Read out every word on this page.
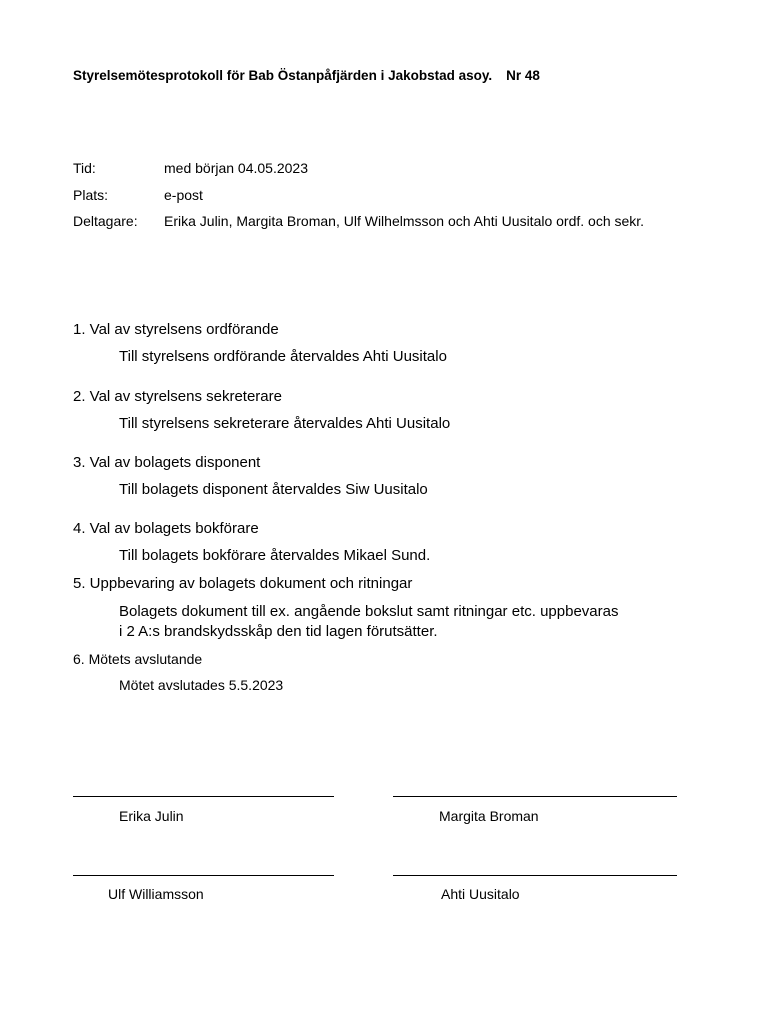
Styrelsemötesprotokoll för Bab Östanpåfjärden i Jakobstad asoy. Nr 48
Tid:	med början 04.05.2023
Plats:	e-post
Deltagare: Erika Julin, Margita Broman, Ulf Wilhelmsson och Ahti Uusitalo ordf. och sekr.
1. Val av styrelsens ordförande
Till styrelsens ordförande återvaldes Ahti Uusitalo
2. Val av styrelsens sekreterare
Till styrelsens sekreterare återvaldes Ahti Uusitalo
3. Val av bolagets disponent
Till bolagets disponent återvaldes Siw Uusitalo
4. Val av bolagets bokförare
Till bolagets bokförare återvaldes Mikael Sund.
5. Uppbevaring av bolagets dokument och ritningar
Bolagets dokument till ex. angående bokslut samt ritningar etc. uppbevaras
i 2 A:s brandskydsskåp den tid lagen förutsätter.
6. Mötets avslutande
Mötet avslutades 5.5.2023
Erika Julin	Margita Broman
Ulf Williamsson	Ahti Uusitalo
